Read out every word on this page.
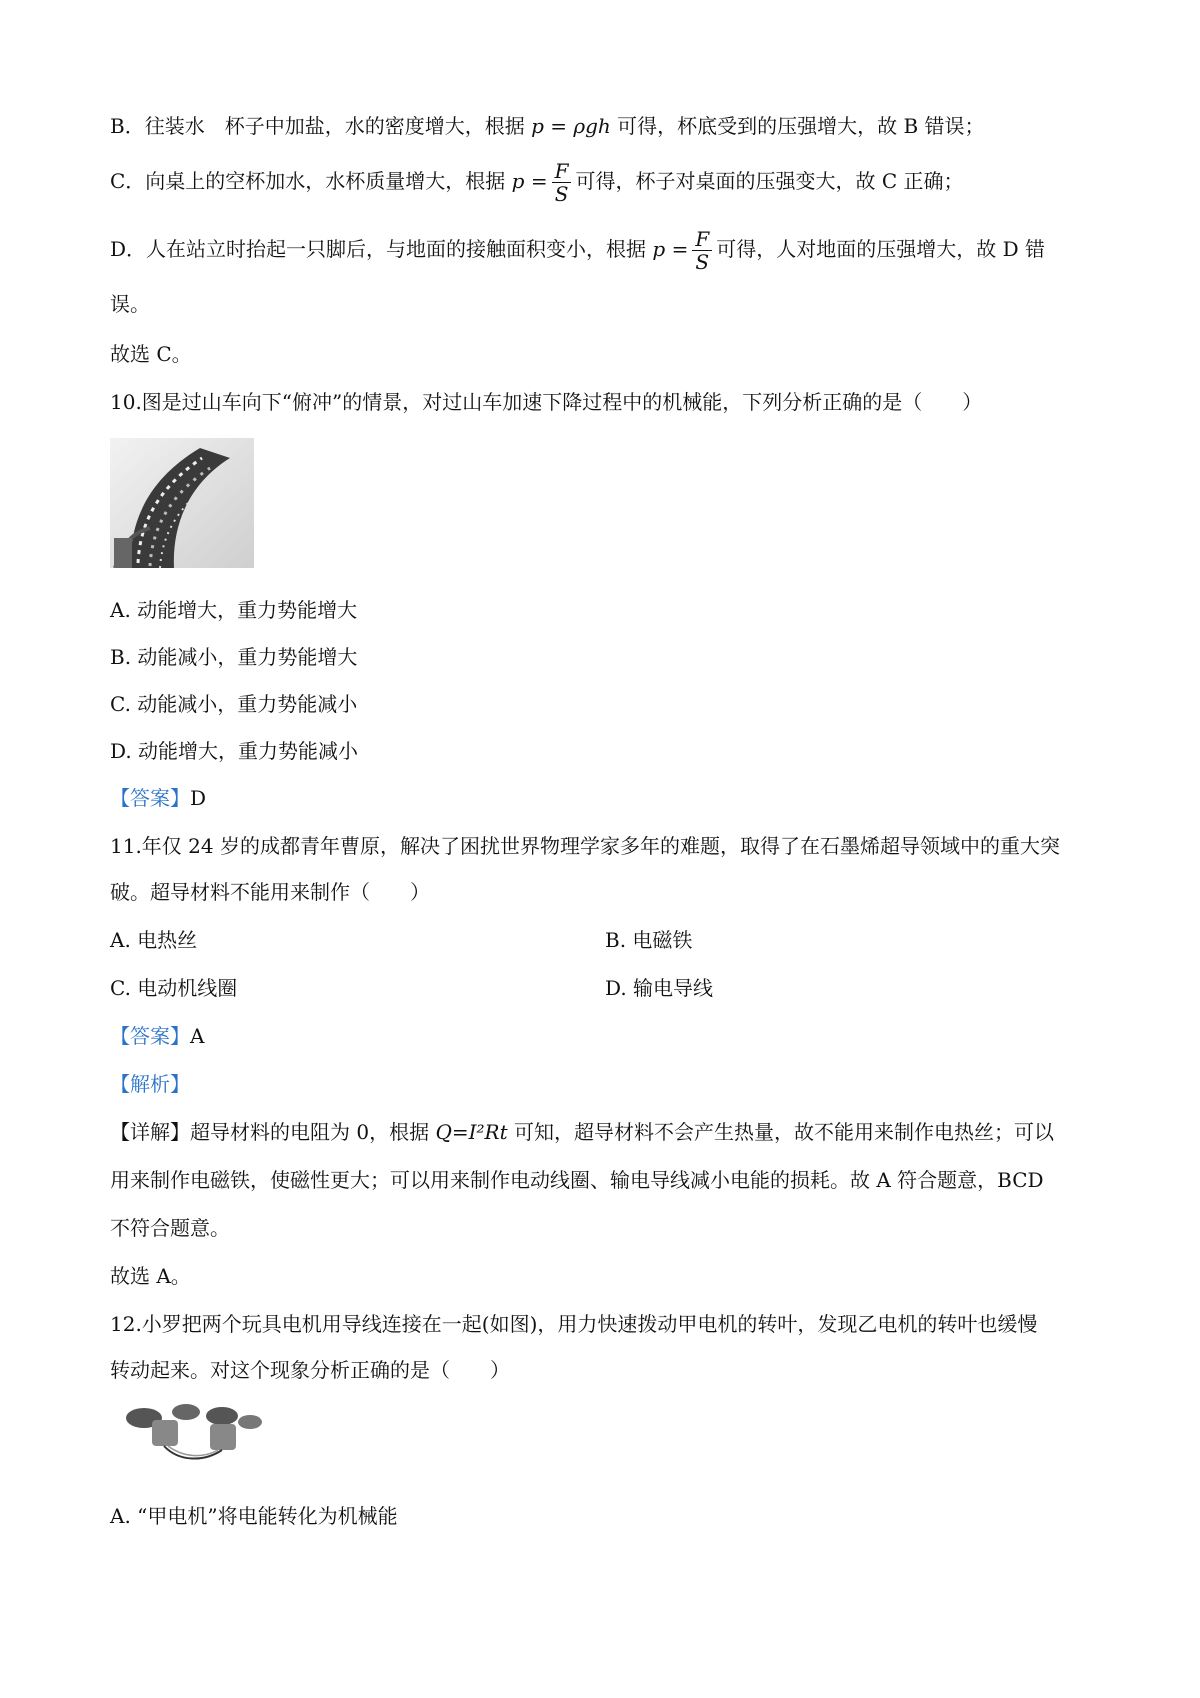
B．往装水　 杯子中加盐，水的密度增大，根据 p = ρgh 可得，杯底受到的压强增大，故 B 错误；
C．向桌上的空杯加水，水杯质量增大，根据 $p = \frac{F}{S}$ 可得，杯子对桌面的压强变大，故 C 正确；
D．人在站立时抬起一只脚后，与地面的接触面积变小，根据 $p = \frac{F}{S}$ 可得，人对地面的压强增大，故 D 错
误。
故选 C。
10.图是过山车向下“俯冲”的情景，对过山车加速下降过程中的机械能，下列分析正确的是（　　）
A. 动能增大，重力势能增大
B. 动能减小，重力势能增大
C. 动能减小，重力势能减小
D. 动能增大，重力势能减小
【答案】D
11.年仅 24 岁的成都青年曹原，解决了困扰世界物理学家多年的难题，取得了在石墨烯超导领域中的重大突
破。超导材料不能用来制作（　　）
A. 电热丝	B. 电磁铁
C. 电动机线圈	D. 输电导线
【答案】A
【解析】
【详解】超导材料的电阻为 0，根据 Q=I²Rt 可知，超导材料不会产生热量，故不能用来制作电热丝；可以
用来制作电磁铁，使磁性更大；可以用来制作电动线圈、输电导线减小电能的损耗。故 A 符合题意，BCD
不符合题意。
故选 A。
12.小罗把两个玩具电机用导线连接在一起(如图)，用力快速拨动甲电机的转叶，发现乙电机的转叶也缓慢
转动起来。对这个现象分析正确的是（　　）
A. “甲电机”将电能转化为机械能
